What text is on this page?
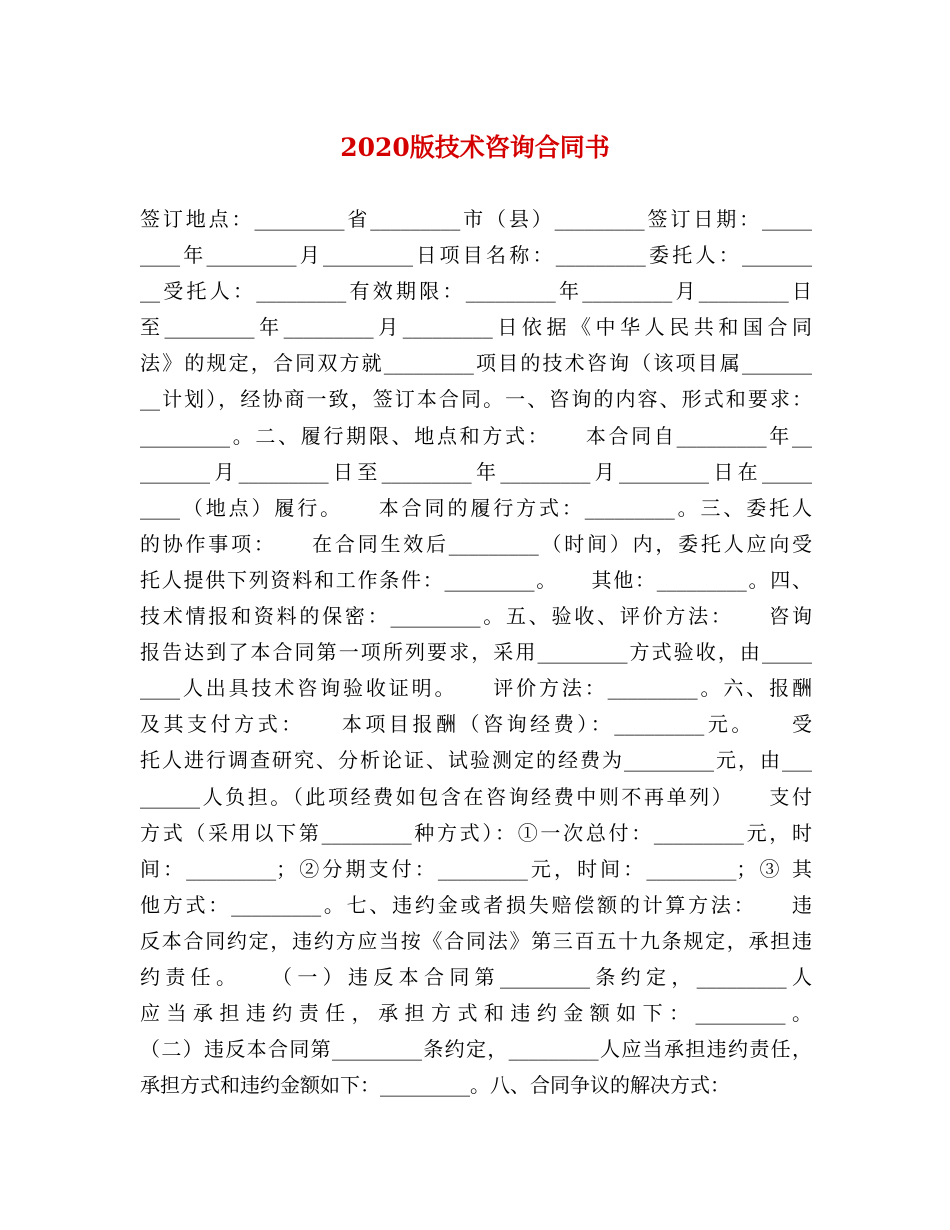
2020版技术咨询合同书
签订地点：_________省_________市（县）_________签订日期：_____
____年_________月_________日项目名称：_________委托人：_______
__受托人：_________有效期限：_________年_________月_________日
至_________年_________月_________日依据《中华人民共和国合同
法》的规定，合同双方就_________项目的技术咨询（该项目属_______
__计划），经协商一致，签订本合同。一、咨询的内容、形式和要求：
_________。二、履行期限、地点和方式：　　本合同自_________年__
_______月_________日至_________年_________月_________日在_____
____（地点）履行。　　本合同的履行方式：_________。三、委托人
的协作事项：　　在合同生效后_________（时间）内，委托人应向受
托人提供下列资料和工作条件：_________。　　其他：_________。四、
技术情报和资料的保密：_________。五、验收、评价方法：　　咨询
报告达到了本合同第一项所列要求，采用_________方式验收，由_____
____人出具技术咨询验收证明。　　评价方法：_________。六、报酬
及其支付方式：　　本项目报酬（咨询经费）：_________元。　　受
托人进行调查研究、分析论证、试验测定的经费为_________元，由___
______人负担。（此项经费如包含在咨询经费中则不再单列）　　支付
方式（采用以下第_________种方式）：①一次总付：_________元，时
间：_________；②分期支付：_________元，时间：_________；③ 其
他方式：_________。七、违约金或者损失赔偿额的计算方法：　　违
反本合同约定，违约方应当按《合同法》第三百五十九条规定，承担违
约责任。　　（一）违反本合同第_________条约定，_________人
应当承担违约责任，承担方式和违约金额如下：_________。
（二）违反本合同第_________条约定，_________人应当承担违约责任，
承担方式和违约金额如下：_________。八、合同争议的解决方式：
